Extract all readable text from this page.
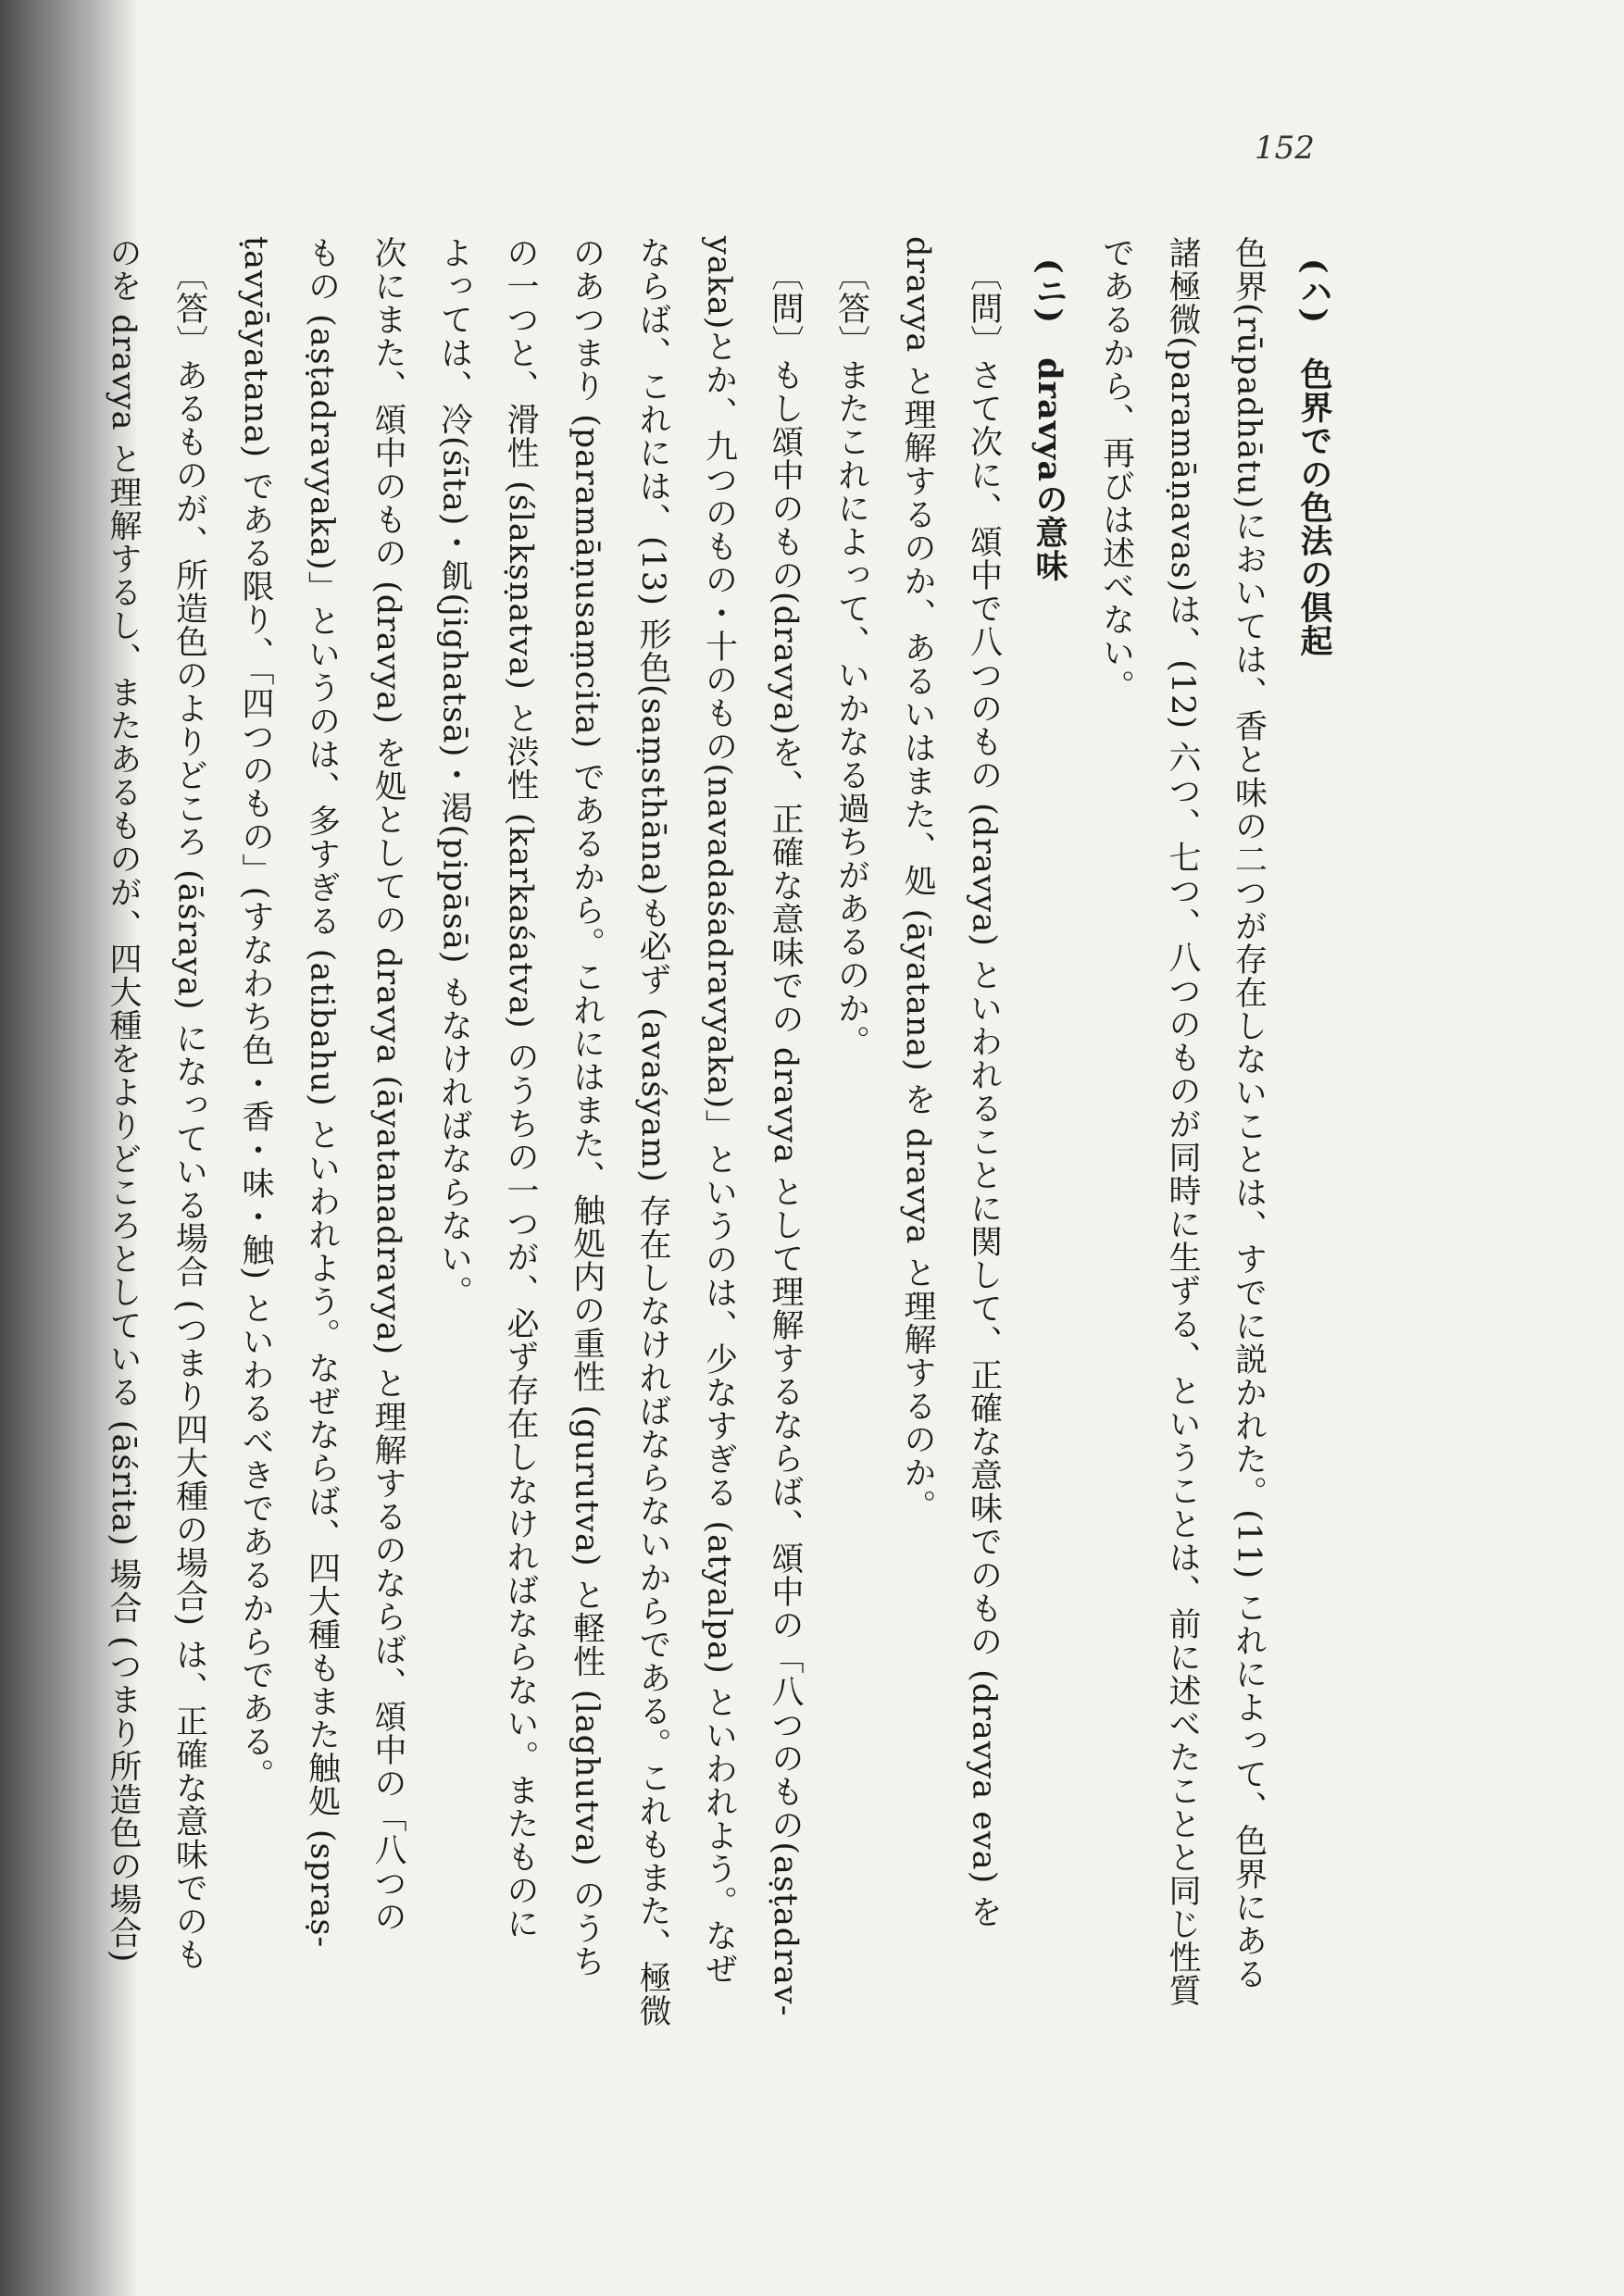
152
(ハ)　色界での色法の倶起
色界(rūpadhātu)においては、香と味の二つが存在しないことは、すでに説かれた。(11) これによって、色界にある
諸極微(paramāṇavas)は、(12) 六つ、七つ、八つのものが同時に生ずる、ということは、前に述べたことと同じ性質
であるから、再びは述べない。
(ニ)　dravyaの意味
〔問〕さて次に、頌中で八つのもの (dravya) といわれることに関して、正確な意味でのもの (dravya eva) を
dravya と理解するのか、あるいはまた、処 (āyatana) を dravya と理解するのか。
〔答〕またこれによって、いかなる過ちがあるのか。
〔問〕もし頌中のもの(dravya)を、正確な意味での dravya として理解するならば、頌中の「八つのもの(aṣṭadrav-
yaka)とか、九つのもの・十のもの(navadaśadravyaka)」というのは、少なすぎる (atyalpa) といわれよう。なぜ
ならば、これには、(13) 形色(saṃsthāna)も必ず (avaśyam) 存在しなければならないからである。これもまた、極微
のあつまり (paramāṇusaṃcita) であるから。これにはまた、触処内の重性 (gurutva) と軽性 (laghutva) のうち
の一つと、滑性 (ślakṣṇatva) と渋性 (karkaśatva) のうちの一つが、必ず存在しなければならない。またものに
よっては、冷(śīta)・飢(jighatsā)・渇(pipāsā) もなければならない。
次にまた、頌中のもの (dravya) を処としての dravya (āyatanadravya) と理解するのならば、頌中の「八つの
もの (aṣṭadravyaka)」というのは、多すぎる (atibahu) といわれよう。なぜならば、四大種もまた触処 (spraṣ-
ṭavyāyatana) である限り、「四つのもの」(すなわち色・香・味・触) といわるべきであるからである。
〔答〕あるものが、所造色のよりどころ (āśraya) になっている場合 (つまり四大種の場合) は、正確な意味でのも
のを dravya と理解するし、またあるものが、四大種をよりどころとしている (āśrita) 場合 (つまり所造色の場合)
